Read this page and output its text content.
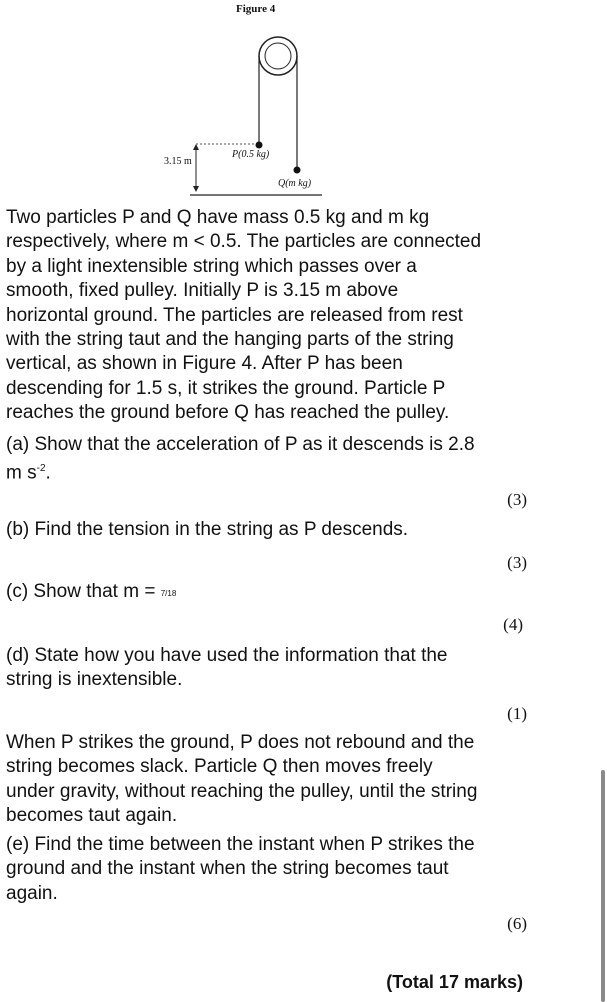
Figure 4
3.15 m
P(0.5 kg)
Q(m kg)
Two particles P and Q have mass 0.5 kg and m kg
respectively, where m < 0.5. The particles are connected
by a light inextensible string which passes over a
smooth, fixed pulley. Initially P is 3.15 m above
horizontal ground. The particles are released from rest
with the string taut and the hanging parts of the string
vertical, as shown in Figure 4. After P has been
descending for 1.5 s, it strikes the ground. Particle P
reaches the ground before Q has reached the pulley.
(a) Show that the acceleration of P as it descends is 2.8
m $s^{-2}$.
(3)
(b) Find the tension in the string as P descends.
(3)
(c) Show that m = 7/18
(4)
(d) State how you have used the information that the
string is inextensible.
(1)
When P strikes the ground, P does not rebound and the
string becomes slack. Particle Q then moves freely
under gravity, without reaching the pulley, until the string
becomes taut again.
(e) Find the time between the instant when P strikes the
ground and the instant when the string becomes taut
again.
(6)
(Total 17 marks)
